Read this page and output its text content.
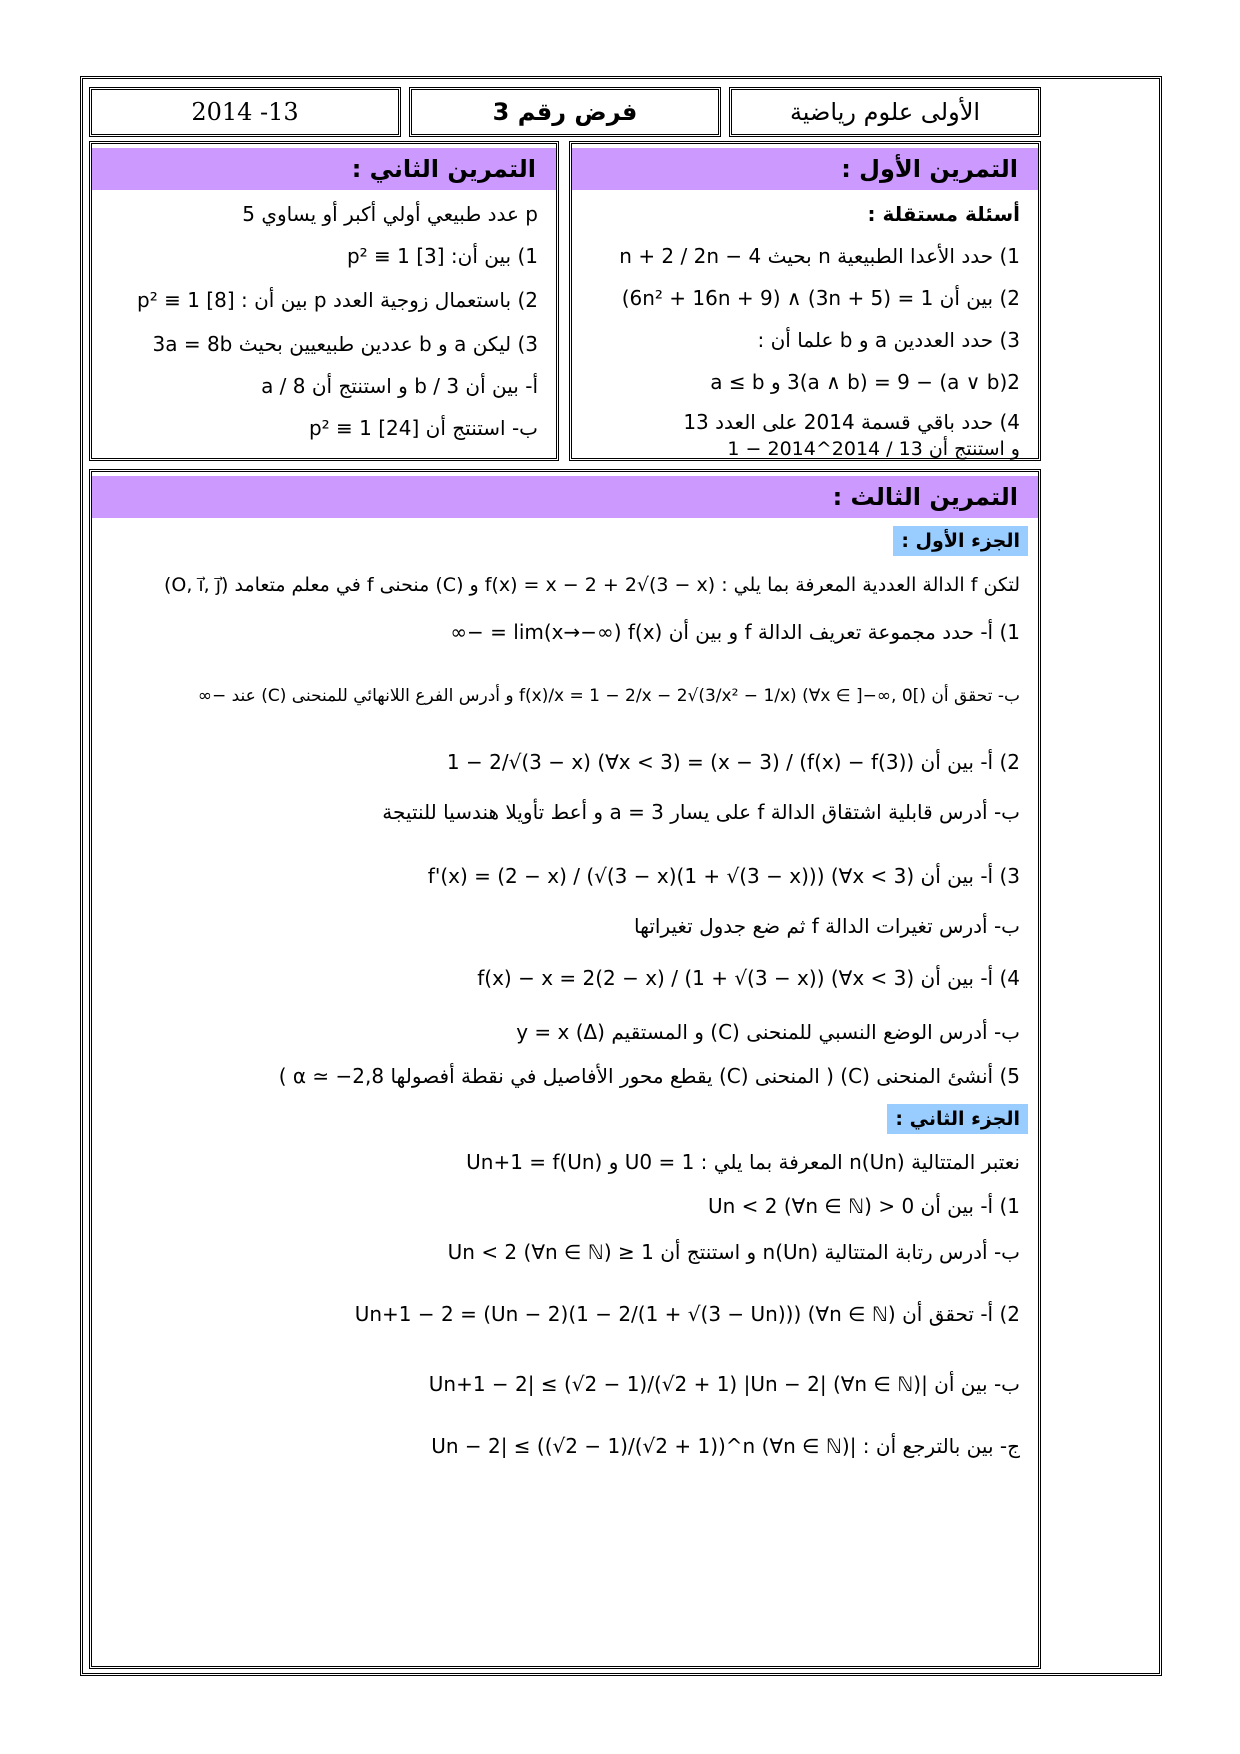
2014 -13	فرض رقم 3	الأولى علوم رياضية
التمرين الثاني :
p عدد طبيعي أولي أكبر أو يساوي 5
1) بين أن: p² ≡ 1 [3]
2) باستعمال زوجية العدد p بين أن : p² ≡ 1 [8]
3) ليكن a و b عددين طبيعيين بحيث 3a = 8b
أ- بين أن 3 / b و استنتج أن 8 / a
ب- استنتج أن p² ≡ 1 [24]
التمرين الأول :
أسئلة مستقلة :
1) حدد الأعدا الطبيعية n بحيث n + 2 / 2n − 4
2) بين أن 1 = (3n + 5) ∧ (6n² + 16n + 9)
3) حدد العددين a و b علما أن :
2(a ∨ b) − 3(a ∧ b) = 9 و a ≤ b
4) حدد باقي قسمة 2014 على العدد 13
و استنتج أن 13 / 2014^2014 − 1
التمرين الثالث :
الجزء الأول :
لتكن f الدالة العددية المعرفة بما يلي : f(x) = x − 2 + 2√(3 − x) و (C) منحنى f في معلم متعامد (O, i⃗, j⃗)
1) أ- حدد مجموعة تعريف الدالة f و بين أن lim(x→−∞) f(x) = −∞
ب- تحقق أن f(x)/x = 1 − 2/x − 2√(3/x² − 1/x) (∀x ∈ ]−∞, 0[) و أدرس الفرع اللانهائي للمنحنى (C) عند −∞
2) أ- بين أن (f(x) − f(3)) / (x − 3) = 1 − 2/√(3 − x) (∀x < 3)
ب- أدرس قابلية اشتقاق الدالة f على يسار a = 3 و أعط تأويلا هندسيا للنتيجة
3) أ- بين أن f'(x) = (2 − x) / (√(3 − x)(1 + √(3 − x))) (∀x < 3)
ب- أدرس تغيرات الدالة f ثم ضع جدول تغيراتها
4) أ- بين أن f(x) − x = 2(2 − x) / (1 + √(3 − x)) (∀x < 3)
ب- أدرس الوضع النسبي للمنحنى (C) و المستقيم y = x (Δ)
5) أنشئ المنحنى (C) ( المنحنى (C) يقطع محور الأفاصيل في نقطة أفصولها α ≃ −2,8 )
الجزء الثاني :
نعتبر المتتالية (Un)n المعرفة بما يلي : U0 = 1 و Un+1 = f(Un)
1) أ- بين أن 0 < Un < 2 (∀n ∈ ℕ)
ب- أدرس رتابة المتتالية (Un)n و استنتج أن 1 ≤ Un < 2 (∀n ∈ ℕ)
2) أ- تحقق أن Un+1 − 2 = (Un − 2)(1 − 2/(1 + √(3 − Un))) (∀n ∈ ℕ)
ب- بين أن |Un+1 − 2| ≤ (√2 − 1)/(√2 + 1) |Un − 2| (∀n ∈ ℕ)
ج- بين بالترجع أن : |Un − 2| ≤ ((√2 − 1)/(√2 + 1))^n (∀n ∈ ℕ)
